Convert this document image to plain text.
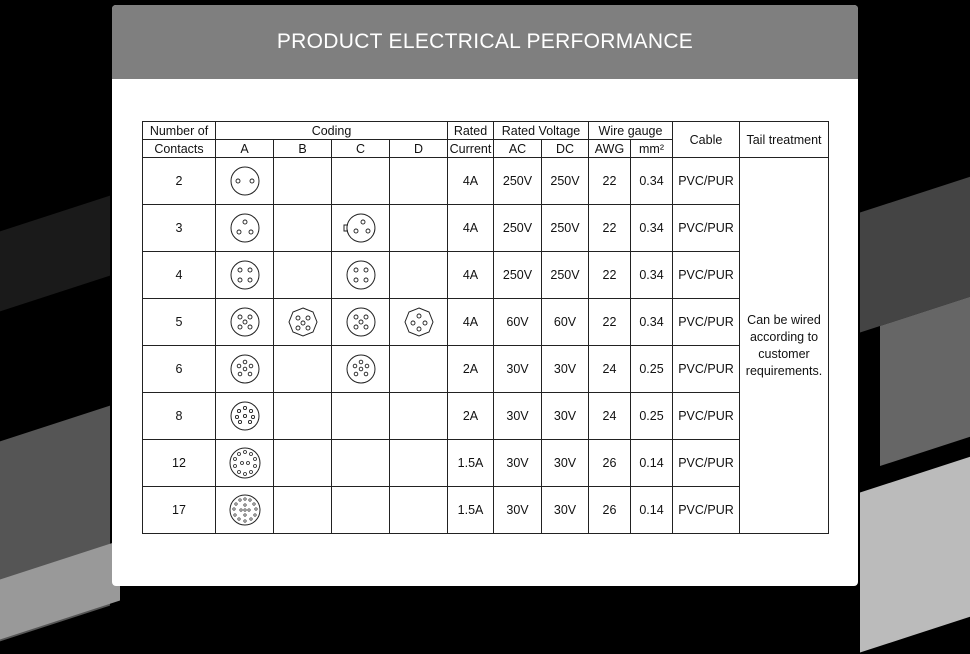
PRODUCT ELECTRICAL PERFORMANCE
Number of	Coding				Rated	Rated Voltage		Wire gauge		Cable	Tail treatment
Contacts	A	B	C	D	Current	AC	DC	AWG	mm²		
2					4A	250V	250V	22	0.34	PVC/PUR	Can be wired
according to
customer
requirements.
3					4A	250V	250V	22	0.34	PVC/PUR	
4					4A	250V	250V	22	0.34	PVC/PUR	
5					4A	60V	60V	22	0.34	PVC/PUR	
6					2A	30V	30V	24	0.25	PVC/PUR	
8					2A	30V	30V	24	0.25	PVC/PUR	
12					1.5A	30V	30V	26	0.14	PVC/PUR	
17					1.5A	30V	30V	26	0.14	PVC/PUR	
